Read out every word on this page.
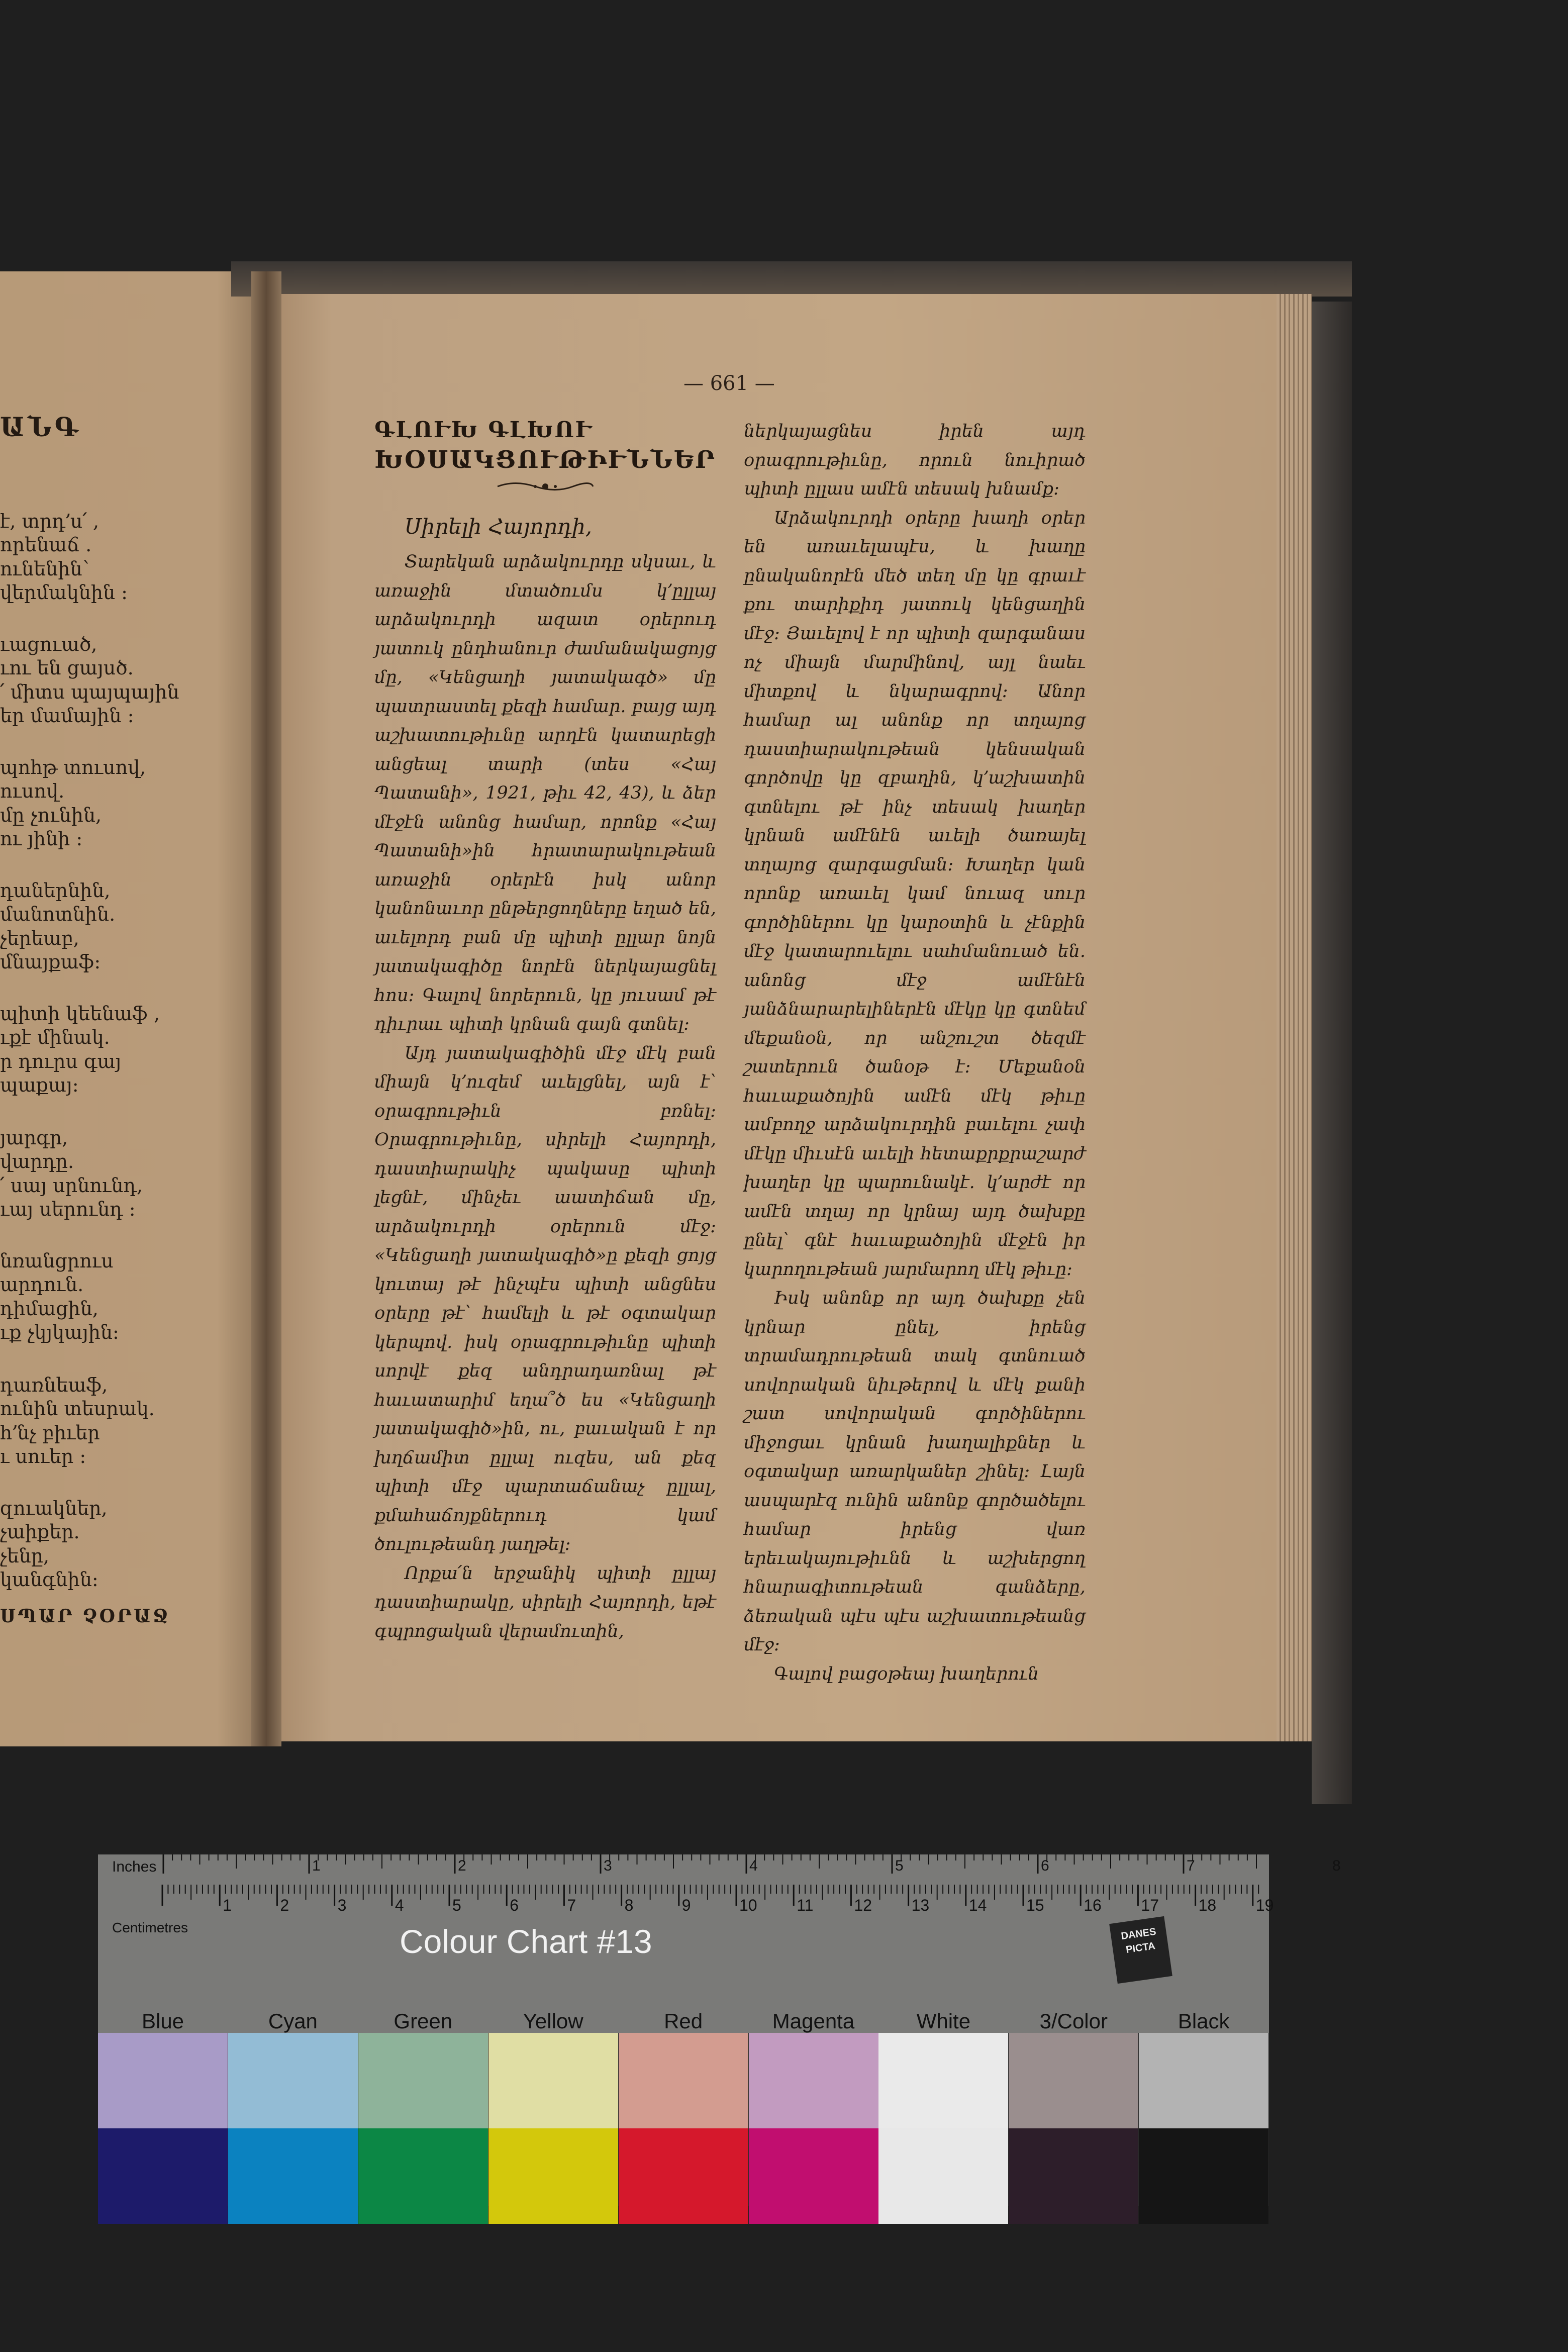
ԱՆԳ
է, տրդ՚ս՛ ,
որենաճ .
ունենին՝
վերմակնին :
ւացուած,
ւու են ցայսծ.
՛ միտս պայպային
եր մամային :
պոհթ տուսով,
ուսով.
մը չունին,
ու յինի :
դաներնին,
մանոտնին.
չերեաբ,
մնայքաֆ:
պիտի կեենաֆ ,
ւքէ մինակ.
ր դուրս գայ
պաքայ:
յարգր,
վարդը.
՛ սայ սրնունդ,
ւայ սերունդ :
նռանցրուս
արդուն.
դիմացին,
ւք չկյկային:
դառնեաֆ,
ունին տեսրակ.
հ՚նչ բիւեր
ւ սուեր :
զուակներ,
չաիքեր.
չենը,
կանգնին:
ՍՊԱՐ ՉՕՐԱՋ
— 661 —
ԳԼՈՒԽ ԳԼԽՈՒ
ԽՕՍԱԿՑՈՒԹԻՒՆՆԵՐ
Սիրելի Հայորդի,

Տարեկան արձակուրդը սկսաւ, և առաջին մտածումս կ՚ըլլայ արձակուրդի ազատ օրերուդ յատուկ ընդհանուր ժամանակացոյց մը, «Կենցաղի յատակագծ» մը պատրաստել քեզի համար. բայց այդ աշխատութիւնը արդէն կատարեցի անցեալ տարի (տես «Հայ Պատանի», 1921, թիւ 42, 43), և ձեր մէջէն անոնց համար, որոնք «Հայ Պատանի»ին հրատարակութեան առաջին օրերէն իսկ անոր կանոնաւոր ընթերցողները եղած են, աւելորդ բան մը պիտի ըլլար նոյն յատակագիծը նորէն ներկայացնել հոս։ Գալով նորերուն, կը յուսամ թէ դիւրաւ պիտի կրնան գայն գտնել։

Այդ յատակագիծին մէջ մէկ բան միայն կ՚ուզեմ աւելցնել, այն է՝ օրագրութիւն բռնել։ Օրագրութիւնը, սիրելի Հայորդի, դաստիարակիչ պակասը պիտի լեցնէ, մինչեւ աատիճան մը, արձակուրդի օրերուն մէջ։ «Կենցաղի յատակագիծ»ը քեզի ցոյց կուտայ թէ ինչպէս պիտի անցնես օրերը թէ՝ համելի և թէ օգտակար կերպով. իսկ օրագրութիւնը պիտի սորվէ քեզ անդրադառնալ թէ հաւատարիմ եղա՞ծ ես «Կենցաղի յատակագիծ»ին, ու, բաւական է որ խղճամիտ ըլլալ ուզես, ան քեզ պիտի մէջ պարտաճանաչ ըլլալ, քմահաճոյքներուդ կամ ծուլութեանդ յաղթել։

Որքա՛ն երջանիկ պիտի ըլլայ դաստիարակը, սիրելի Հայորդի, եթէ գպրոցական վերամուտին,

ներկայացնես իրեն այդ օրագրութիւնը, որուն նուիրած պիտի ըլլաս ամէն տեսակ խնամք։

Արձակուրդի օրերը խաղի օրեր են առաւելապէս, և խաղը ընականորէն մեծ տեղ մը կը գրաւէ քու տարիքիդ յատուկ կենցաղին մէջ։ Յաւելով է որ պիտի զարգանաս ոչ միայն մարմինով, այլ նաեւ միտքով և նկարագրով։ Անոր համար ալ անոնք որ տղայոց դաստիարակութեան կենսական գործովը կը զբաղին, կ՚աշխատին գտնելու թէ ինչ տեսակ խաղեր կրնան ամէնէն աւելի ծառայել տղայոց զարգացման։ Խաղեր կան որոնք առաւել կամ նուազ սուր գործիներու կը կարօտին և չէնքին մէջ կատարուելու սահմանուած են. անոնց մէջ ամէնէն յանձնարարելիներէն մէկը կը գտնեմ մեքանօն, որ անշուշտ ծեզմէ շատերուն ծանօթ է։ Մեքանօն հաւաքածոյին ամէն մէկ թիւը ամբողջ արձակուրդին բաւելու չափ մէկը միւսէն աւելի հետաքրքրաշարժ խաղեր կը պարունակէ. կ՚արժէ որ ամէն տղայ որ կրնայ այդ ծախքը ընել՝ գնէ հաւաքածոյին մէջէն իր կարողութեան յարմարող մէկ թիւը։

Իսկ անոնք որ այդ ծախքը չեն կրնար ընել, իրենց տրամադրութեան տակ գտնուած սովորական նիւթերով և մէկ քանի շատ սովորական գործիներու միջոցաւ կրնան խաղալիքներ և օգտակար առարկաներ շինել։ Լայն ասպարէզ ունին անոնք գործածելու համար իրենց վառ երեւակայութիւնն և աշխերցող հնարագիտութեան գանձերը, ձեռական պէս պէս աշխատութեանց մէջ։

Գալով բացօթեայ խաղերուն

1	2	3	4	5	6	7	8
1	2	3	4	5	6	7	8	9	10 11	12 13 14 15 16 17 18 19
Inches
Centimetres	Colour Chart #13	DANES
PICTA
Blue	Cyan	Green	Yellow	Red	Magenta	White	3/Color	Black
